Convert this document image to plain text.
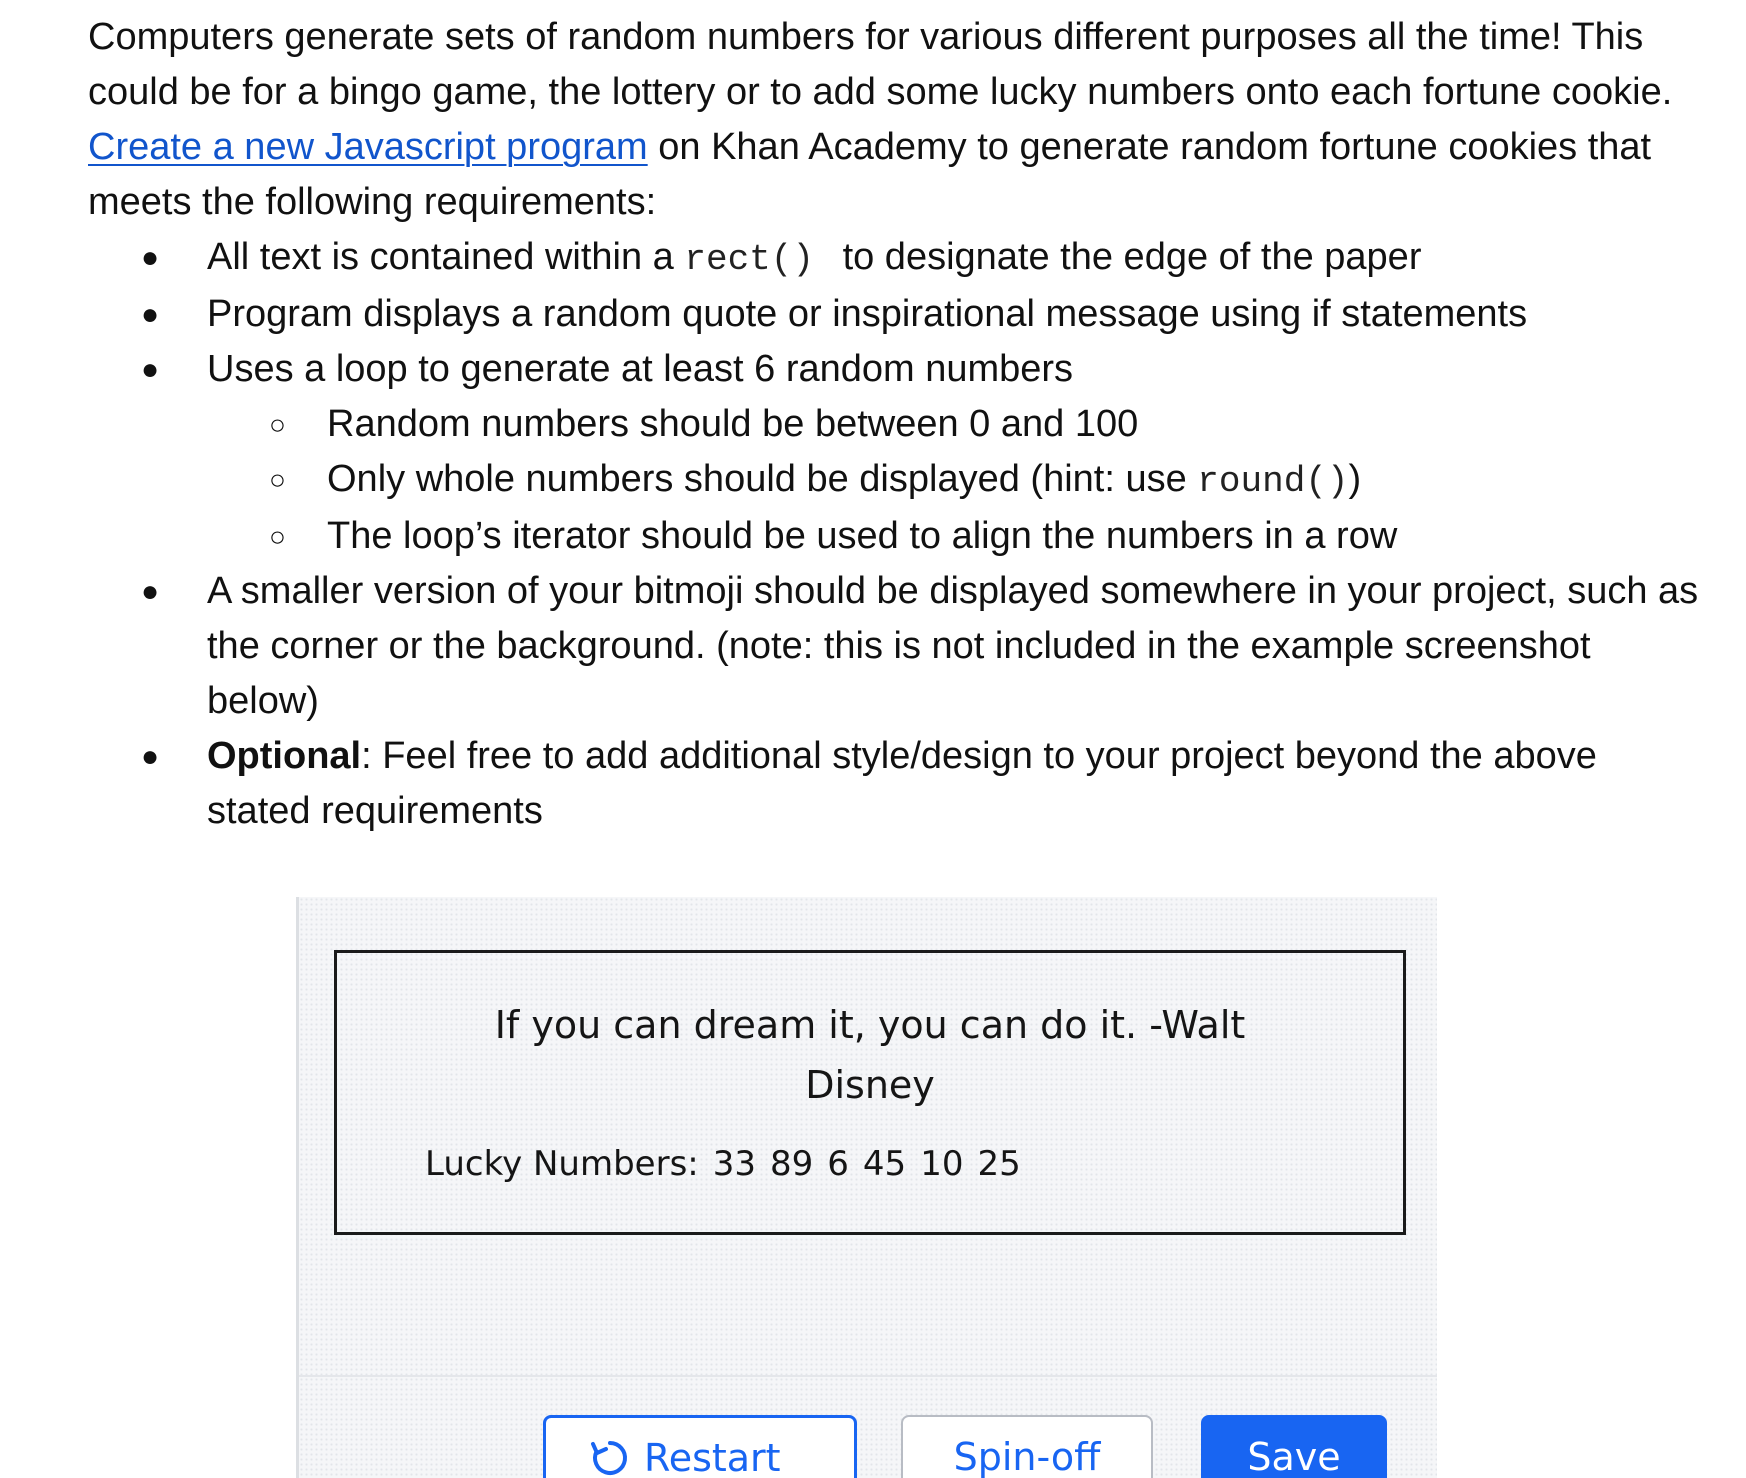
Computers generate sets of random numbers for various different purposes all the time! This could be for a bingo game, the lottery or to add some lucky numbers onto each fortune cookie. Create a new Javascript program on Khan Academy to generate random fortune cookies that meets the following requirements:

● All text is contained within a rect() to designate the edge of the paper
● Program displays a random quote or inspirational message using if statements
● Uses a loop to generate at least 6 random numbers
○ Random numbers should be between 0 and 100
○ Only whole numbers should be displayed (hint: use round())
○ The loop’s iterator should be used to align the numbers in a row
● A smaller version of your bitmoji should be displayed somewhere in your project, such as the corner or the background. (note: this is not included in the example screenshot below)
● Optional: Feel free to add additional style/design to your project beyond the above stated requirements
If you can dream it, you can do it. -Walt
Disney
Lucky Numbers: 33 89 6 45 10 25
Restart	Spin-off	Save
